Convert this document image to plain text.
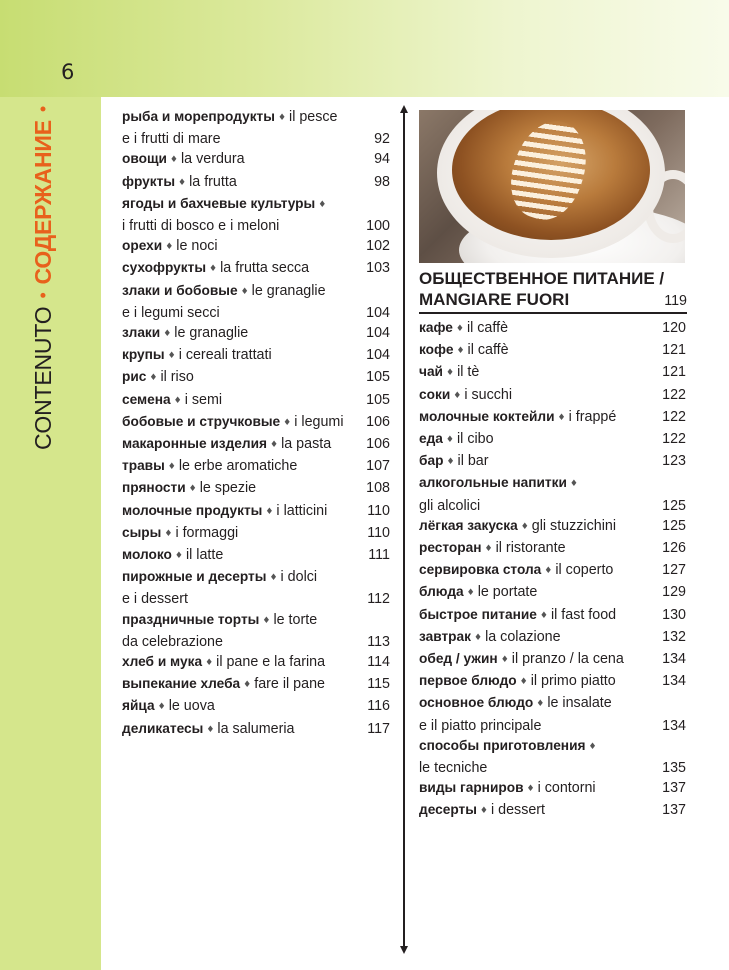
6
CONTENUTO
•
СОДЕРЖАНИЕ
•	рыба и морепродукты ♦ il pesce
e i frutti di mare	92
овощи ♦ la verdura	94
фрукты ♦ la frutta	98
ягоды и бахчевые культуры ♦
i frutti di bosco e i meloni	100
орехи ♦ le noci	102
сухофрукты ♦ la frutta secca	103
злаки и бобовые ♦ le granaglie
e i legumi secci	104
злаки ♦ le granaglie	104
крупы ♦ i cereali trattati	104
рис ♦ il riso	105
семена ♦ i semi	105
бобовые и стручковые ♦ i legumi 106
макаронные изделия ♦ la pasta 106
травы ♦ le erbe aromatiche	107
пряности ♦ le spezie	108
молочные продукты ♦ i latticini	110
сыры ♦ i formaggi	110
молоко ♦ il latte	111
пирожные и десерты ♦ i dolci
e i dessert	112
праздничные торты ♦ le torte
da celebrazione	113
хлеб и мука ♦ il pane e la farina	114
выпекание хлеба ♦ fare il pane	115
яйца ♦ le uova	116
деликатесы ♦ la salumeria	117
ОБЩЕСТВЕННОЕ ПИТАНИЕ /
MANGIARE FUORI	119
кафе ♦ il caffè	120
кофе ♦ il caffè	121
чай ♦ il tè	121
соки ♦ i succhi	122
молочные коктейли ♦ i frappé	122
еда ♦ il cibo	122
бар ♦ il bar	123
алкогольные напитки ♦
gli alcolici	125
лёгкая закуска ♦ gli stuzzichini	125
ресторан ♦ il ristorante	126
сервировка стола ♦ il coperto	127
блюда ♦ le portate	129
быстрое питание ♦ il fast food	130
завтрак ♦ la colazione	132
обед / ужин ♦ il pranzo / la cena	134
первое блюдо ♦ il primo piatto	134
основное блюдо ♦ le insalate
e il piatto principale	134
способы приготовления ♦
le tecniche	135
виды гарниров ♦ i contorni	137
десерты ♦ i dessert	137
